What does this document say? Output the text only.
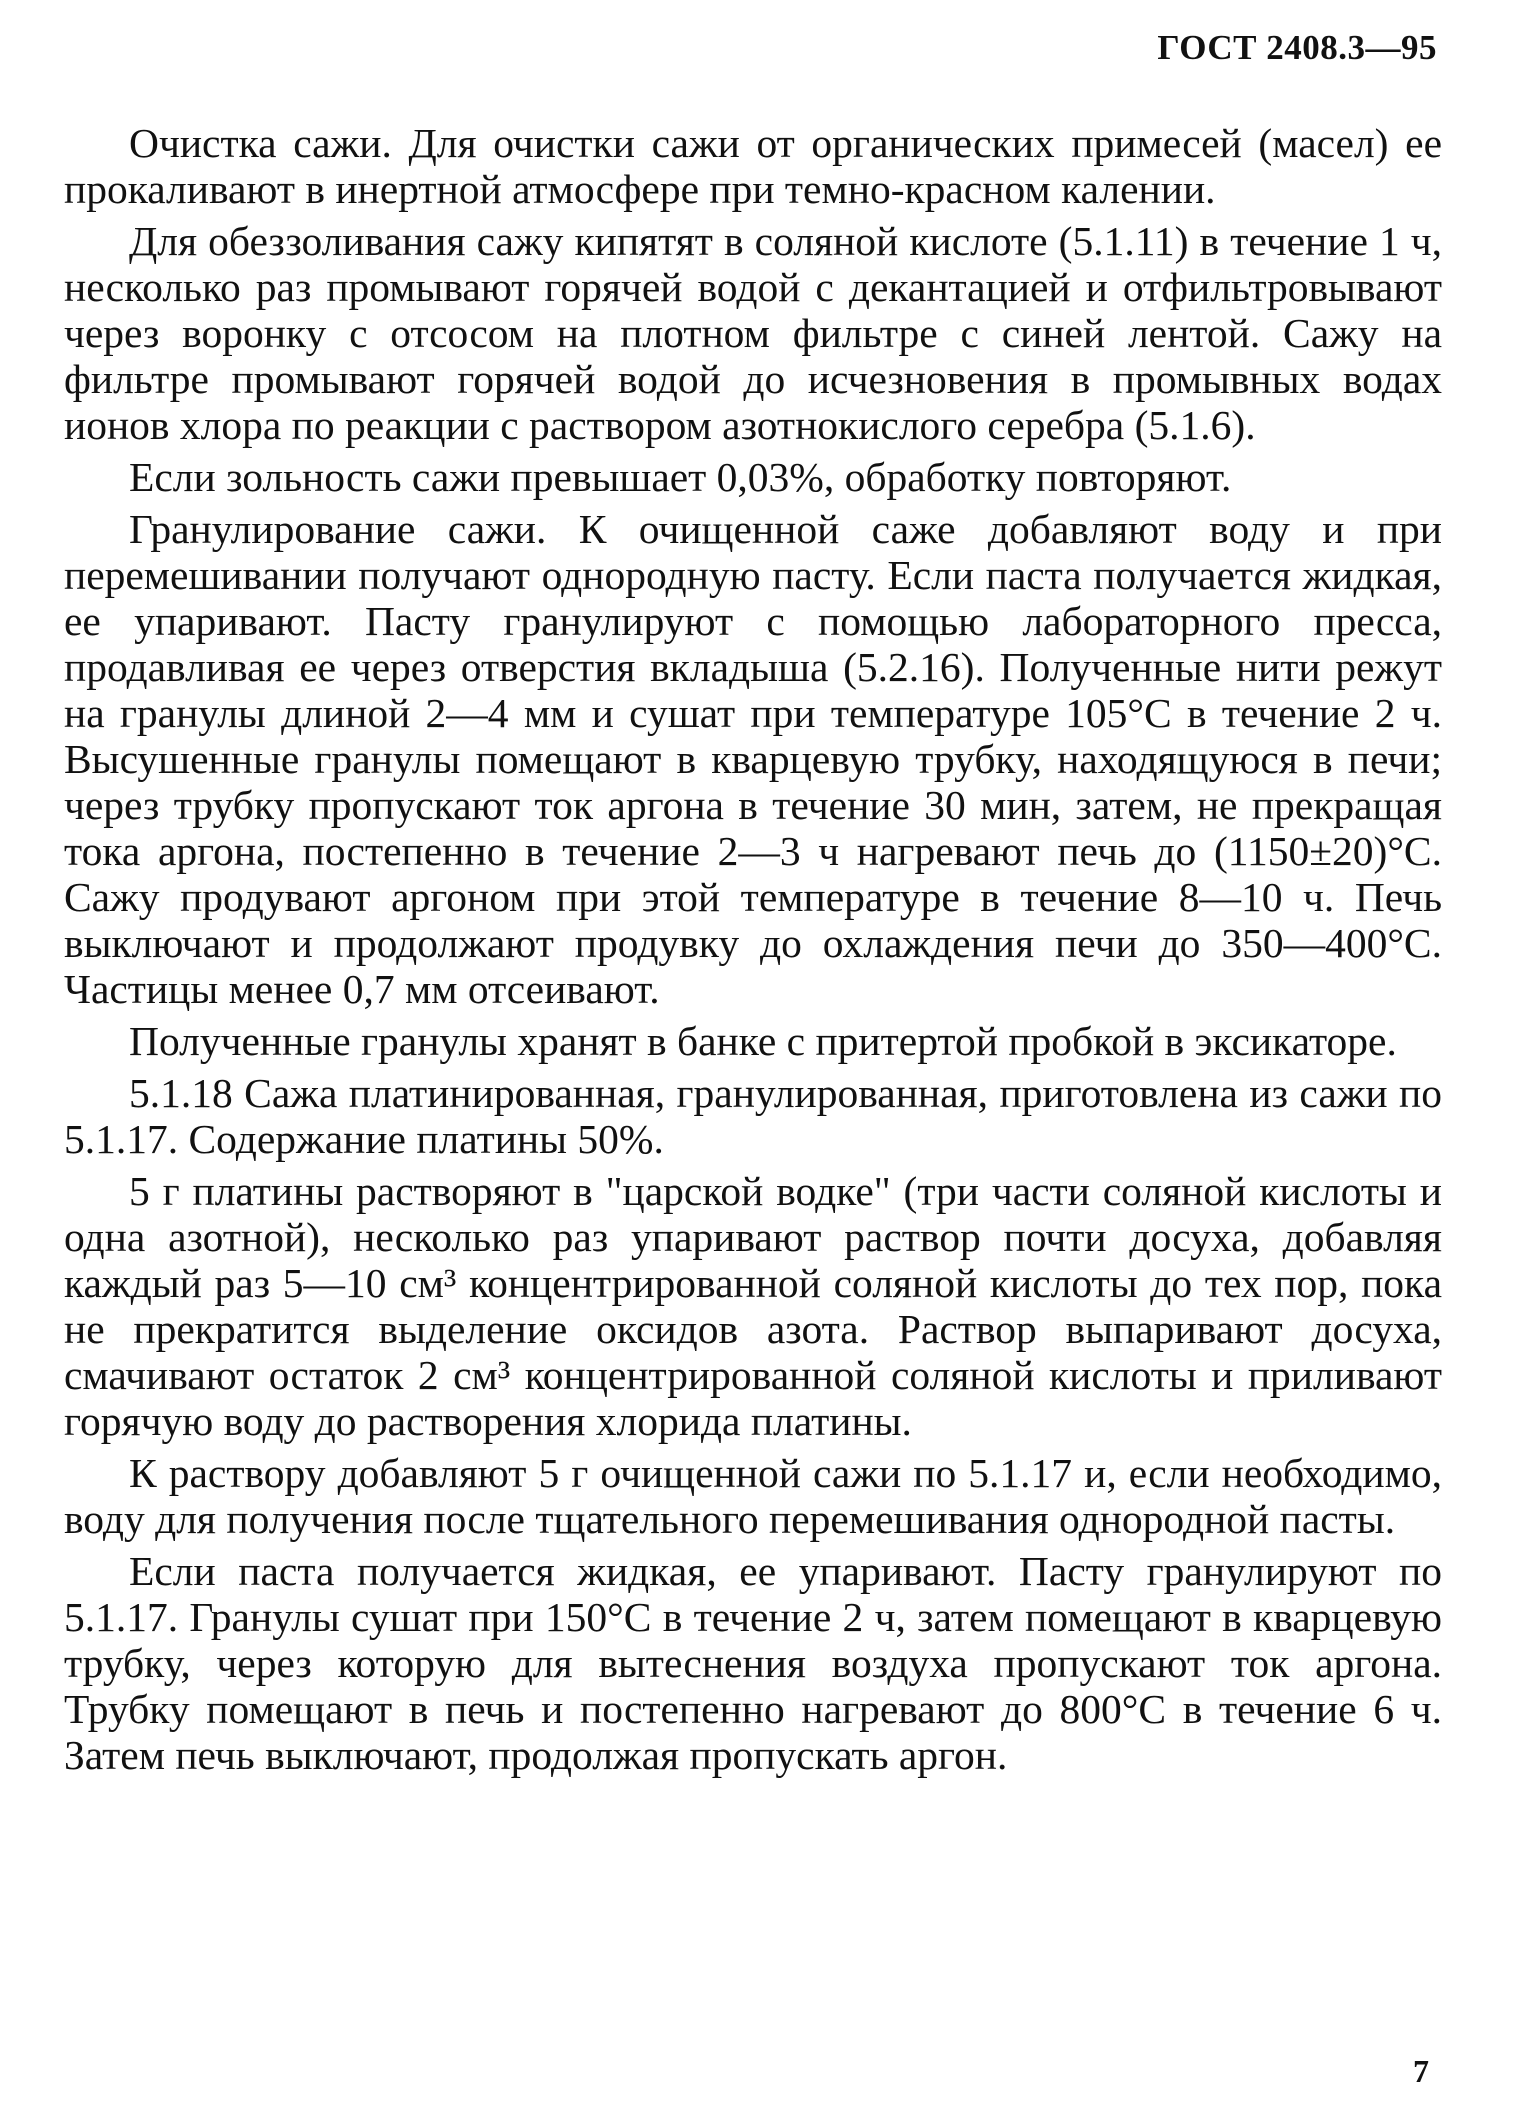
ГОСТ 2408.3—95

Очистка сажи. Для очистки сажи от органических примесей (масел) ее прокаливают в инертной атмосфере при темно-красном калении.

Для обеззоливания сажу кипятят в соляной кислоте (5.1.11) в течение 1 ч, несколько раз промывают горячей водой с декантацией и отфильтровывают через воронку с отсосом на плотном фильтре с синей лентой. Сажу на фильтре промывают горячей водой до исчезновения в промывных водах ионов хлора по реакции с раствором азотнокислого серебра (5.1.6).

Если зольность сажи превышает 0,03%, обработку повторяют.

Гранулирование сажи. К очищенной саже добавляют воду и при перемешивании получают однородную пасту. Если паста получается жидкая, ее упаривают. Пасту гранулируют с помощью лабораторного пресса, продавливая ее через отверстия вкладыша (5.2.16). Полученные нити режут на гранулы длиной 2—4 мм и сушат при температуре 105°С в течение 2 ч. Высушенные гранулы помещают в кварцевую трубку, находящуюся в печи; через трубку пропускают ток аргона в течение 30 мин, затем, не прекращая тока аргона, постепенно в течение 2—3 ч нагревают печь до (1150±20)°С. Сажу продувают аргоном при этой температуре в течение 8—10 ч. Печь выключают и продолжают продувку до охлаждения печи до 350—400°С. Частицы менее 0,7 мм отсеивают.

Полученные гранулы хранят в банке с притертой пробкой в эксикаторе.

5.1.18 Сажа платинированная, гранулированная, приготовлена из сажи по 5.1.17. Содержание платины 50%.

5 г платины растворяют в "царской водке" (три части соляной кислоты и одна азотной), несколько раз упаривают раствор почти досуха, добавляя каждый раз 5—10 см³ концентрированной соляной кислоты до тех пор, пока не прекратится выделение оксидов азота. Раствор выпаривают досуха, смачивают остаток 2 см³ концентрированной соляной кислоты и приливают горячую воду до растворения хлорида платины.

К раствору добавляют 5 г очищенной сажи по 5.1.17 и, если необходимо, воду для получения после тщательного перемешивания однородной пасты.

Если паста получается жидкая, ее упаривают. Пасту гранулируют по 5.1.17. Гранулы сушат при 150°С в течение 2 ч, затем помещают в кварцевую трубку, через которую для вытеснения воздуха пропускают ток аргона. Трубку помещают в печь и постепенно нагревают до 800°С в течение 6 ч. Затем печь выключают, продолжая пропускать аргон.

7
